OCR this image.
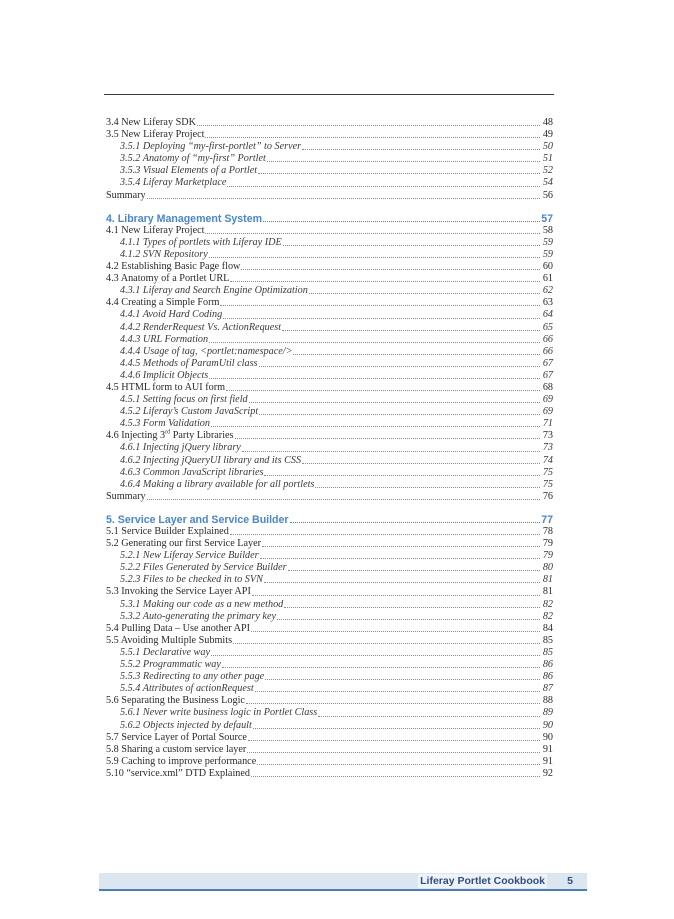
3.4 New Liferay SDK	48
3.5 New Liferay Project	49
3.5.1 Deploying “my-first-portlet” to Server	50
3.5.2 Anatomy of “my-first” Portlet	51
3.5.3 Visual Elements of a Portlet	52
3.5.4 Liferay Marketplace	54
Summary	56
4. Library Management System	57
4.1 New Liferay Project	58
4.1.1 Types of portlets with Liferay IDE	59
4.1.2 SVN Repository	59
4.2 Establishing Basic Page flow	60
4.3 Anatomy of a Portlet URL	61
4.3.1 Liferay and Search Engine Optimization	62
4.4 Creating a Simple Form	63
4.4.1 Avoid Hard Coding	64
4.4.2 RenderRequest Vs. ActionRequest	65
4.4.3 URL Formation	66
4.4.4 Usage of tag, <portlet:namespace/>	66
4.4.5 Methods of ParamUtil class	67
4.4.6 Implicit Objects	67
4.5 HTML form to AUI form	68
4.5.1 Setting focus on first field	69
4.5.2 Liferay’s Custom JavaScript	69
4.5.3 Form Validation	71
4.6 Injecting 3rd Party Libraries	73
4.6.1 Injecting jQuery library	73
4.6.2 Injecting jQueryUI library and its CSS	74
4.6.3 Common JavaScript libraries	75
4.6.4 Making a library available for all portlets	75
Summary	76
5. Service Layer and Service Builder	77
5.1 Service Builder Explained	78
5.2 Generating our first Service Layer	79
5.2.1 New Liferay Service Builder	79
5.2.2 Files Generated by Service Builder	80
5.2.3 Files to be checked in to SVN	81
5.3 Invoking the Service Layer API	81
5.3.1 Making our code as a new method	82
5.3.2 Auto-generating the primary key	82
5.4 Pulling Data – Use another API	84
5.5 Avoiding Multiple Submits	85
5.5.1 Declarative way	85
5.5.2 Programmatic way	86
5.5.3 Redirecting to any other page	86
5.5.4 Attributes of actionRequest	87
5.6 Separating the Business Logic	88
5.6.1 Never write business logic in Portlet Class	89
5.6.2 Objects injected by default	90
5.7 Service Layer of Portal Source	90
5.8 Sharing a custom service layer	91
5.9 Caching to improve performance	91
5.10 “service.xml” DTD Explained	92
Liferay Portlet Cookbook 5
